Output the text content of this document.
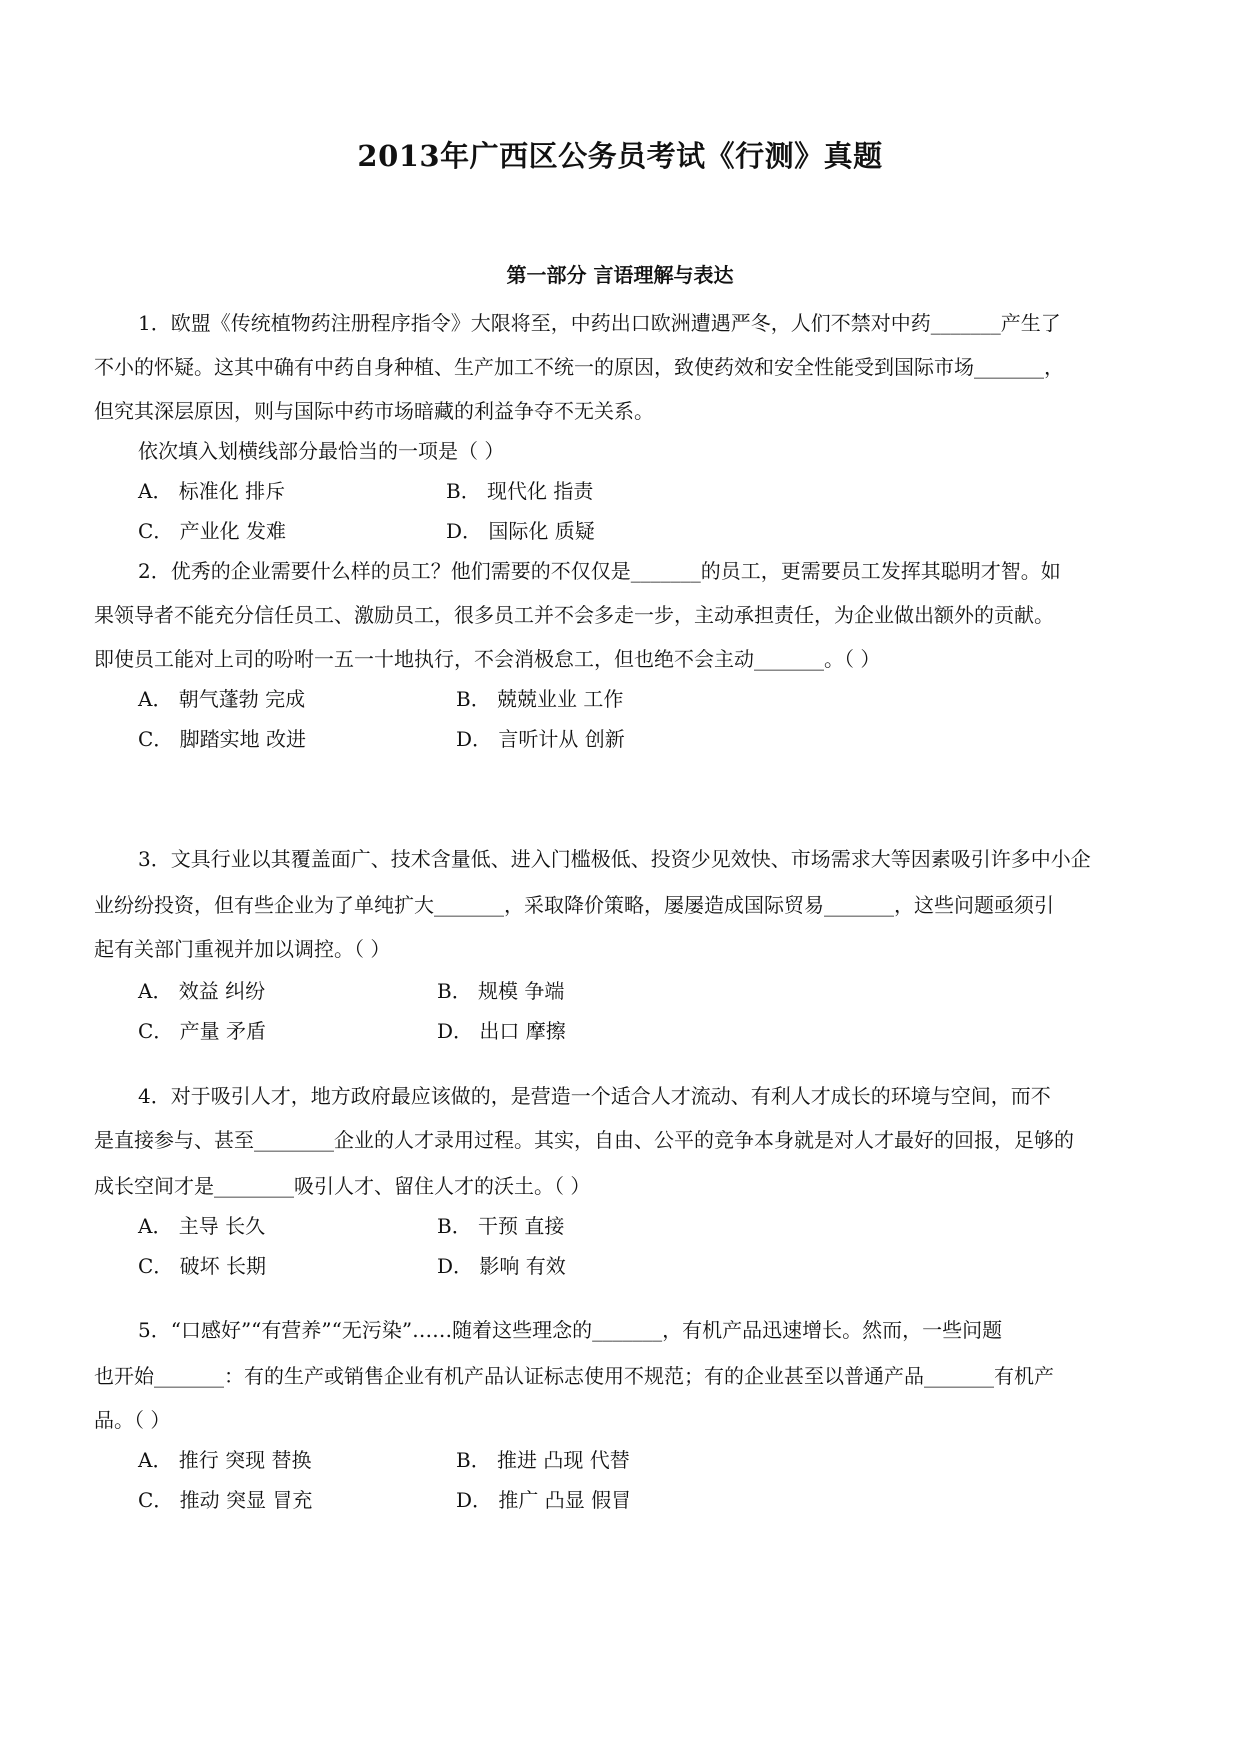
2013年广西区公务员考试《行测》真题
第一部分 言语理解与表达
1．欧盟《传统植物药注册程序指令》大限将至，中药出口欧洲遭遇严冬，人们不禁对中药_______产生了
不小的怀疑。这其中确有中药自身种植、生产加工不统一的原因，致使药效和安全性能受到国际市场_______，
但究其深层原因，则与国际中药市场暗藏的利益争夺不无关系。
依次填入划横线部分最恰当的一项是（ ）
A． 标准化 排斥	B． 现代化 指责
C． 产业化 发难	D． 国际化 质疑
2．优秀的企业需要什么样的员工？他们需要的不仅仅是_______的员工，更需要员工发挥其聪明才智。如
果领导者不能充分信任员工、激励员工，很多员工并不会多走一步，主动承担责任，为企业做出额外的贡献。
即使员工能对上司的吩咐一五一十地执行，不会消极怠工，但也绝不会主动_______。（ ）
A． 朝气蓬勃 完成	B． 兢兢业业 工作
C． 脚踏实地 改进	D． 言听计从 创新
3．文具行业以其覆盖面广、技术含量低、进入门槛极低、投资少见效快、市场需求大等因素吸引许多中小企
业纷纷投资，但有些企业为了单纯扩大_______，采取降价策略，屡屡造成国际贸易_______，这些问题亟须引
起有关部门重视并加以调控。（ ）
A． 效益 纠纷	B． 规模 争端
C． 产量 矛盾	D． 出口 摩擦
4．对于吸引人才，地方政府最应该做的，是营造一个适合人才流动、有利人才成长的环境与空间，而不
是直接参与、甚至________企业的人才录用过程。其实，自由、公平的竞争本身就是对人才最好的回报，足够的
成长空间才是________吸引人才、留住人才的沃土。（ ）
A． 主导 长久	B． 干预 直接
C． 破坏 长期	D． 影响 有效
5．“口感好”“有营养”“无污染”……随着这些理念的_______，有机产品迅速增长。然而，一些问题
也开始_______：有的生产或销售企业有机产品认证标志使用不规范；有的企业甚至以普通产品_______有机产
品。（ ）
A． 推行 突现 替换	B． 推进 凸现 代替
C． 推动 突显 冒充	D． 推广 凸显 假冒
